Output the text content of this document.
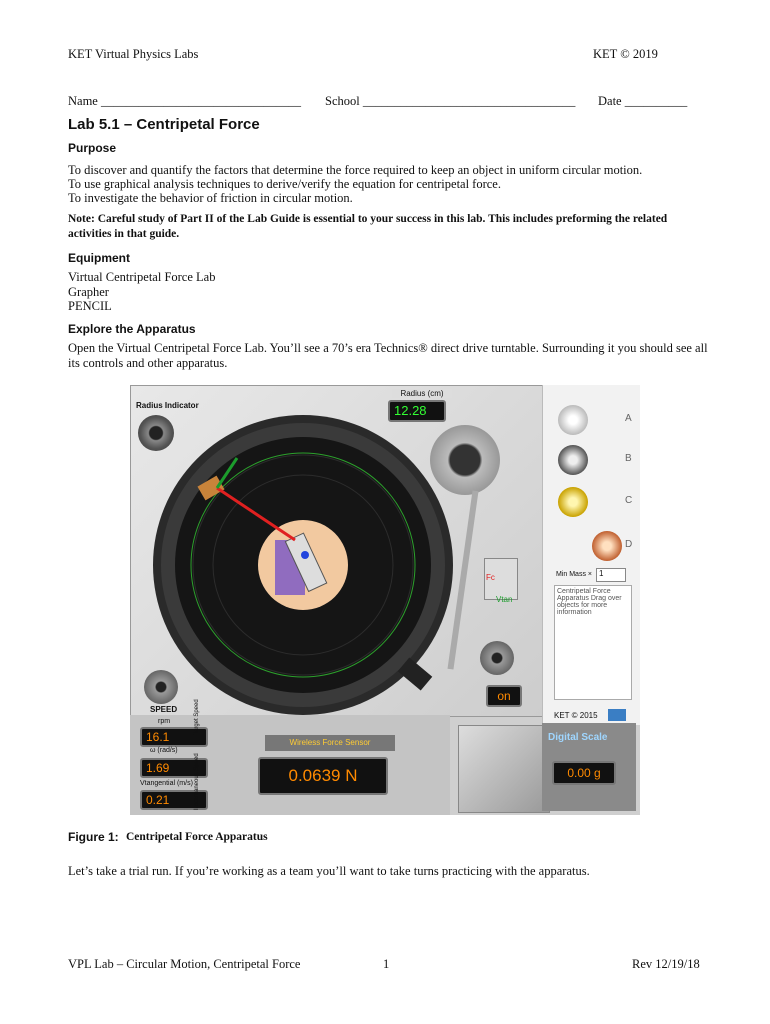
KET Virtual Physics Labs	KET © 2019
Name ________________________________ School __________________________________ Date __________
Lab 5.1 – Centripetal Force
Purpose
To discover and quantify the factors that determine the force required to keep an object in uniform circular motion.
To use graphical analysis techniques to derive/verify the equation for centripetal force.
To investigate the behavior of friction in circular motion.
Note: Careful study of Part II of the Lab Guide is essential to your success in this lab. This includes preforming the related activities in that guide.
Equipment
Virtual Centripetal Force Lab
Grapher
PENCIL
Explore the Apparatus
Open the Virtual Centripetal Force Lab. You’ll see a 70’s era Technics® direct drive turntable. Surrounding it you should see all its controls and other apparatus.
Radius Indicator
Radius (cm)
12.28
Fc
Vtan
on
SPEED
A
B
C
D
Min Mass × 1
Centripetal Force Apparatus Drag over objects for more information
KET © 2015
rpm
16.1
ω (rad/s)
1.69
Vtangential (m/s)
0.21
Target Speed
Instantaneous Speed
Wireless Force Sensor
0.0639 N
Digital Scale
0.00 g
Figure 1: Centripetal Force Apparatus
Let’s take a trial run. If you’re working as a team you’ll want to take turns practicing with the apparatus.
VPL Lab – Circular Motion, Centripetal Force	1	Rev 12/19/18
